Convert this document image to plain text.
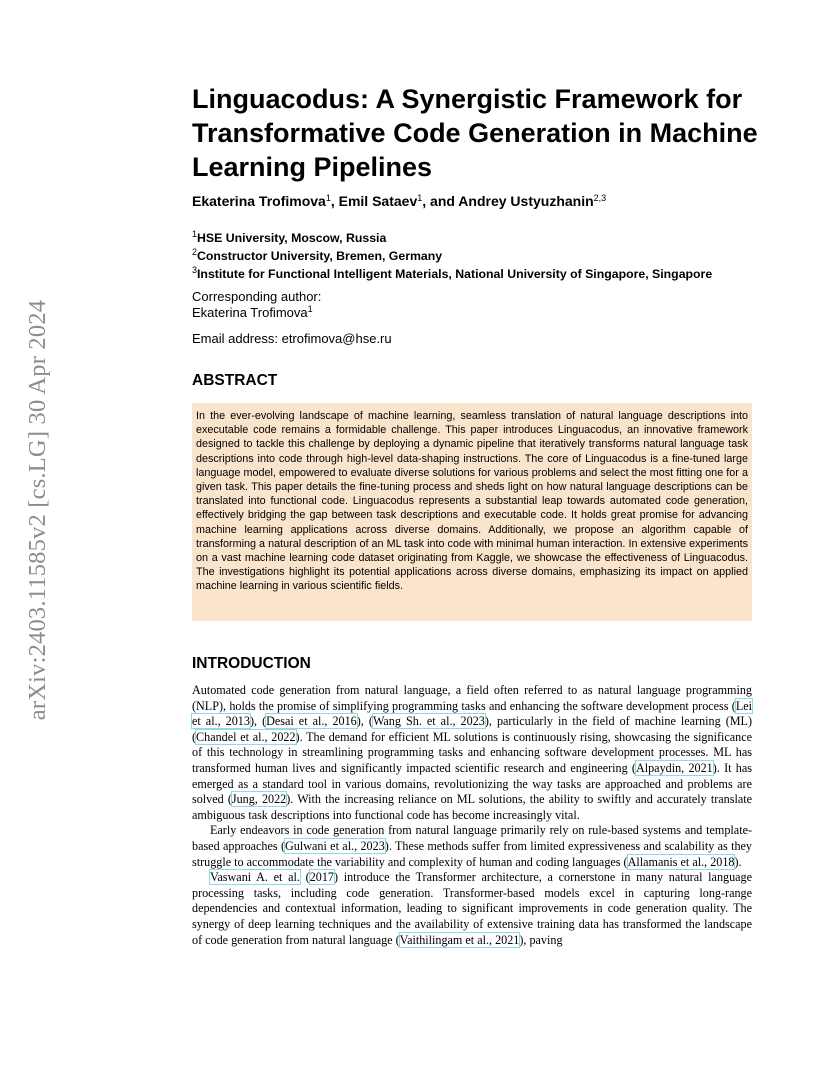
arXiv:2403.11585v2 [cs.LG] 30 Apr 2024
Linguacodus: A Synergistic Framework for
Transformative Code Generation in Machine
Learning Pipelines
Ekaterina Trofimova$^1$, Emil Sataev$^1$, and Andrey Ustyuzhanin$^{2,3}$
$^1$HSE University, Moscow, Russia
$^2$Constructor University, Bremen, Germany
$^3$Institute for Functional Intelligent Materials, National University of Singapore, Singapore
Corresponding author:
Ekaterina Trofimova$^1$
Email address: etrofimova@hse.ru
ABSTRACT

In the ever-evolving landscape of machine learning, seamless translation of natural language descriptions into executable code remains a formidable challenge. This paper introduces Linguacodus, an innovative framework designed to tackle this challenge by deploying a dynamic pipeline that iteratively transforms natural language task descriptions into code through high-level data-shaping instructions. The core of Linguacodus is a fine-tuned large language model, empowered to evaluate diverse solutions for various problems and select the most fitting one for a given task. This paper details the fine-tuning process and sheds light on how natural language descriptions can be translated into functional code. Linguacodus represents a substantial leap towards automated code generation, effectively bridging the gap between task descriptions and executable code. It holds great promise for advancing machine learning applications across diverse domains. Additionally, we propose an algorithm capable of transforming a natural description of an ML task into code with minimal human interaction. In extensive experiments on a vast machine learning code dataset originating from Kaggle, we showcase the effectiveness of Linguacodus. The investigations highlight its potential applications across diverse domains, emphasizing its impact on applied machine learning in various scientific fields.

INTRODUCTION

Automated code generation from natural language, a field often referred to as natural language programming (NLP), holds the promise of simplifying programming tasks and enhancing the software development process (Lei et al., 2013), (Desai et al., 2016), (Wang Sh. et al., 2023), particularly in the field of machine learning (ML) (Chandel et al., 2022). The demand for efficient ML solutions is continuously rising, showcasing the significance of this technology in streamlining programming tasks and enhancing software development processes. ML has transformed human lives and significantly impacted scientific research and engineering (Alpaydin, 2021). It has emerged as a standard tool in various domains, revolutionizing the way tasks are approached and problems are solved (Jung, 2022). With the increasing reliance on ML solutions, the ability to swiftly and accurately translate ambiguous task descriptions into functional code has become increasingly vital.

Early endeavors in code generation from natural language primarily rely on rule-based systems and template-based approaches (Gulwani et al., 2023). These methods suffer from limited expressiveness and scalability as they struggle to accommodate the variability and complexity of human and coding languages (Allamanis et al., 2018).

Vaswani A. et al. (2017) introduce the Transformer architecture, a cornerstone in many natural language processing tasks, including code generation. Transformer-based models excel in capturing long-range dependencies and contextual information, leading to significant improvements in code generation quality. The synergy of deep learning techniques and the availability of extensive training data has transformed the landscape of code generation from natural language (Vaithilingam et al., 2021), paving
